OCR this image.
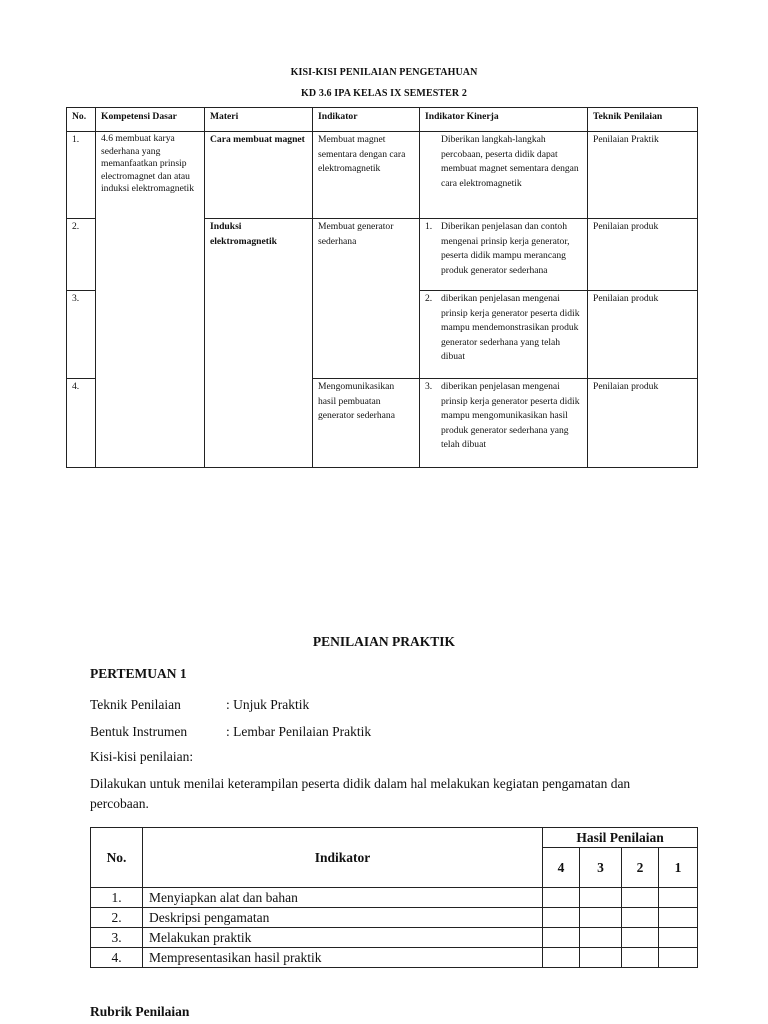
KISI-KISI PENILAIAN PENGETAHUAN
KD 3.6 IPA KELAS IX SEMESTER 2
No.	Kompetensi Dasar	Materi	Indikator	Indikator Kinerja	Teknik Penilaian
1.	4.6 membuat karya sederhana yang memanfaatkan prinsip electromagnet dan atau induksi elektromagnetik	Cara membuat magnet	Membuat magnet sementara dengan cara elektromagnetik	Diberikan langkah-langkah percobaan, peserta didik dapat membuat magnet sementara dengan cara elektromagnetik	Penilaian Praktik
2.		Induksi elektromagnetik	Membuat generator sederhana	1. Diberikan penjelasan dan contoh mengenai prinsip kerja generator, peserta didik mampu merancang produk generator sederhana	Penilaian produk
3.				2. diberikan penjelasan mengenai prinsip kerja generator peserta didik mampu mendemonstrasikan produk generator sederhana yang telah dibuat	Penilaian produk
4.			Mengomunikasikan hasil pembuatan generator sederhana	3. diberikan penjelasan mengenai prinsip kerja generator peserta didik mampu mengomunikasikan hasil produk generator sederhana yang telah dibuat	Penilaian produk
PENILAIAN PRAKTIK
PERTEMUAN 1
Teknik Penilaian	: Unjuk Praktik
Bentuk Instrumen	: Lembar Penilaian Praktik
Kisi-kisi penilaian:
Dilakukan untuk menilai keterampilan peserta didik dalam hal melakukan kegiatan pengamatan dan percobaan.
No.	Indikator	Hasil Penilaian			
		4	3	2	1
1.	Menyiapkan alat dan bahan				
2.	Deskripsi pengamatan				
3.	Melakukan praktik				
4.	Mempresentasikan hasil praktik				
Rubrik Penilaian
